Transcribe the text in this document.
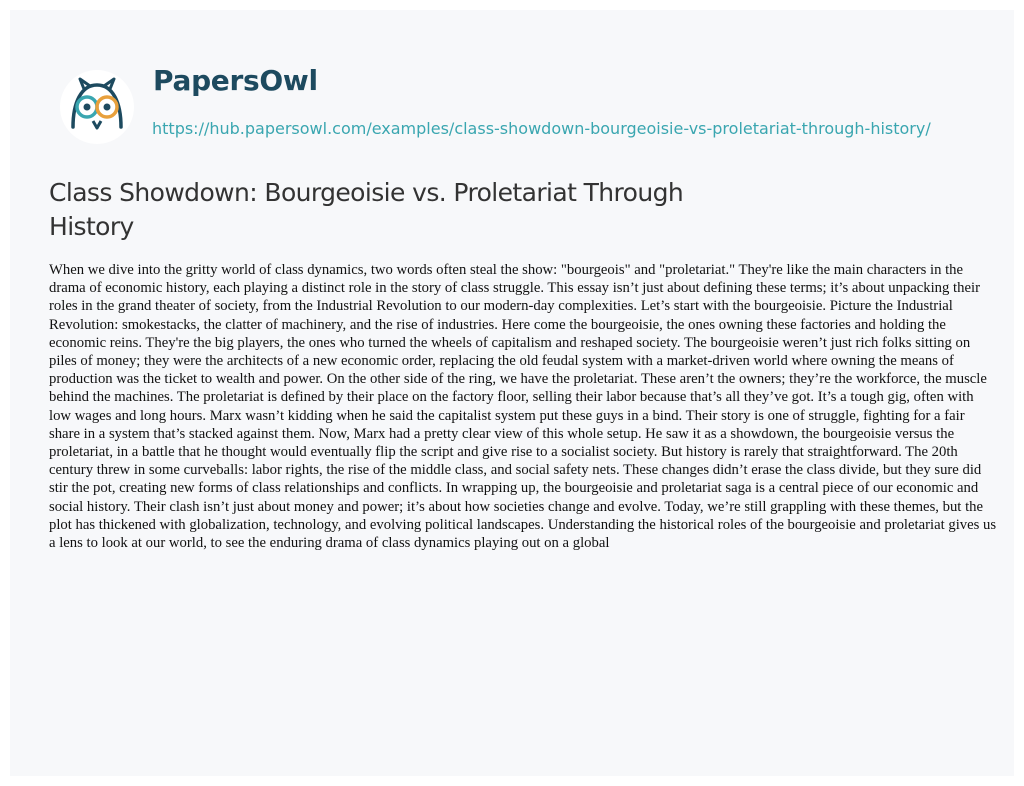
PapersOwl
https://hub.papersowl.com/examples/class-showdown-bourgeoisie-vs-proletariat-through-history/
Class Showdown: Bourgeoisie vs. Proletariat Through History

When we dive into the gritty world of class dynamics, two words often steal the show: "bourgeois" and "proletariat." They're like the main characters in the drama of economic history, each playing a distinct role in the story of class struggle. This essay isn’t just about defining these terms; it’s about unpacking their roles in the grand theater of society, from the Industrial Revolution to our modern-day complexities. Let’s start with the bourgeoisie. Picture the Industrial Revolution: smokestacks, the clatter of machinery, and the rise of industries. Here come the bourgeoisie, the ones owning these factories and holding the economic reins. They're the big players, the ones who turned the wheels of capitalism and reshaped society. The bourgeoisie weren’t just rich folks sitting on piles of money; they were the architects of a new economic order, replacing the old feudal system with a market-driven world where owning the means of production was the ticket to wealth and power. On the other side of the ring, we have the proletariat. These aren’t the owners; they’re the workforce, the muscle behind the machines. The proletariat is defined by their place on the factory floor, selling their labor because that’s all they’ve got. It’s a tough gig, often with low wages and long hours. Marx wasn’t kidding when he said the capitalist system put these guys in a bind. Their story is one of struggle, fighting for a fair share in a system that’s stacked against them. Now, Marx had a pretty clear view of this whole setup. He saw it as a showdown, the bourgeoisie versus the proletariat, in a battle that he thought would eventually flip the script and give rise to a socialist society. But history is rarely that straightforward. The 20th century threw in some curveballs: labor rights, the rise of the middle class, and social safety nets. These changes didn’t erase the class divide, but they sure did stir the pot, creating new forms of class relationships and conflicts. In wrapping up, the bourgeoisie and proletariat saga is a central piece of our economic and social history. Their clash isn’t just about money and power; it’s about how societies change and evolve. Today, we’re still grappling with these themes, but the plot has thickened with globalization, technology, and evolving political landscapes. Understanding the historical roles of the bourgeoisie and proletariat gives us a lens to look at our world, to see the enduring drama of class dynamics playing out on a global
